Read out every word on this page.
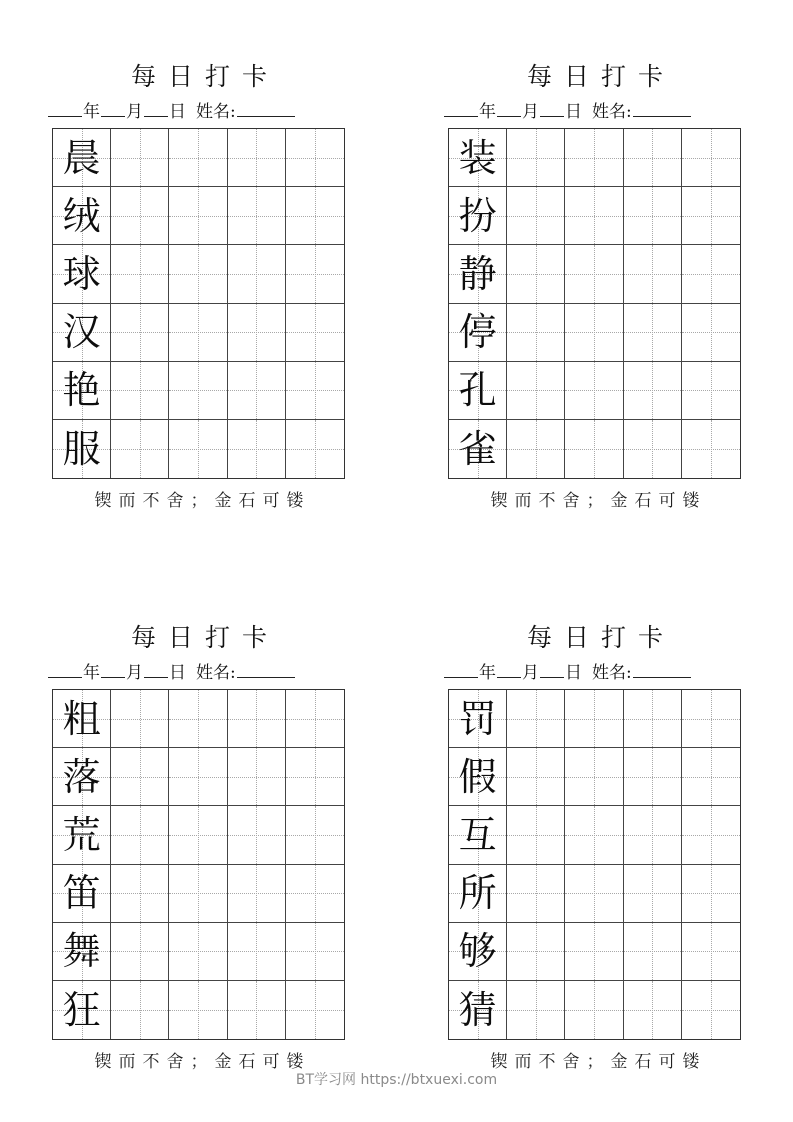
每日打卡
年 月 日 姓名:
晨
绒
球
汉
艳
服
锲而不舍；金石可镂
每日打卡
年 月 日 姓名:
装
扮
静
停
孔
雀
锲而不舍；金石可镂
每日打卡
年 月 日 姓名:
粗
落
荒
笛
舞
狂
锲而不舍；金石可镂
每日打卡
年 月 日 姓名:
罚
假
互
所
够
猜
锲而不舍；金石可镂
BT学习网 https://btxuexi.com
